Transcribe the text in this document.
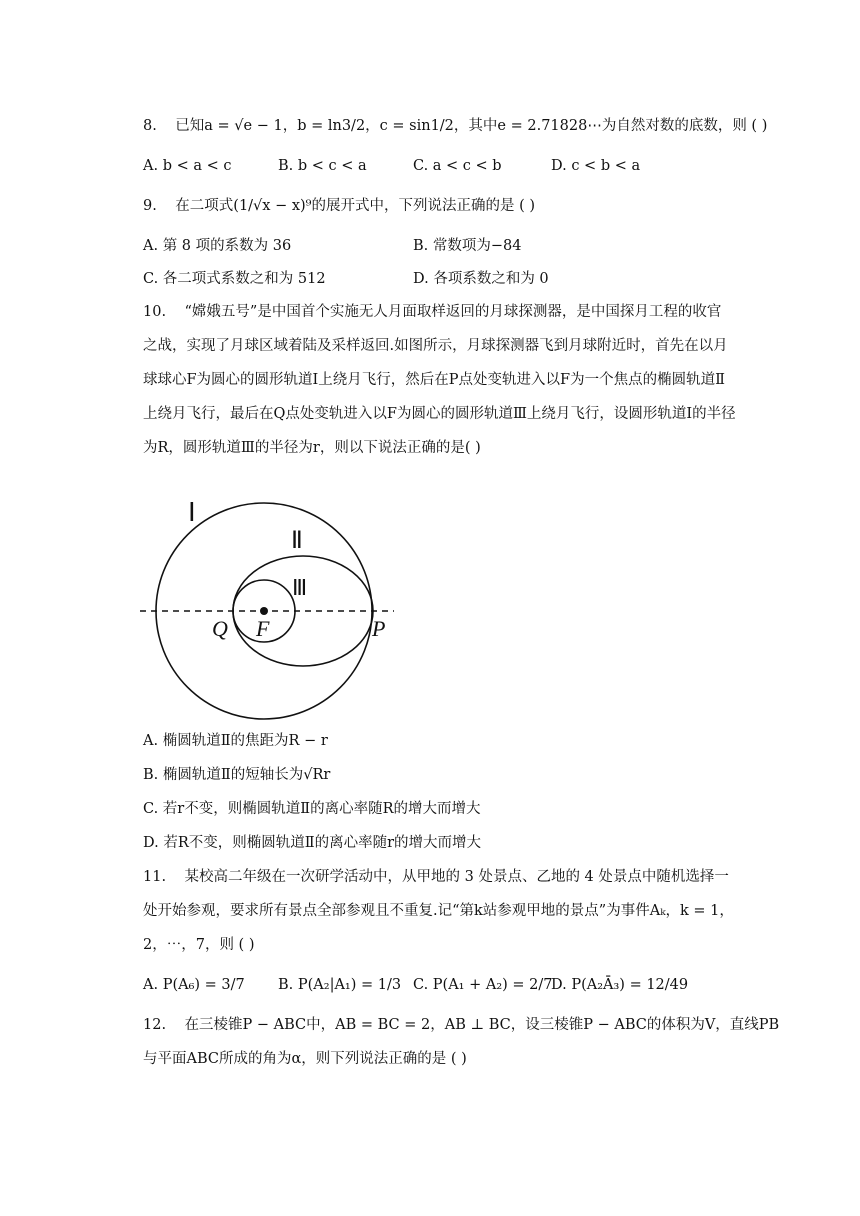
8. 已知a = √e − 1，b = ln3/2，c = sin1/2，其中e = 2.71828⋯为自然对数的底数，则 ( )
A. b < a < c	B. b < c < a	C. a < c < b	D. c < b < a
9. 在二项式(1/√x − x)⁹的展开式中，下列说法正确的是 ( )
A. 第 8 项的系数为 36	B. 常数项为−84
C. 各二项式系数之和为 512	D. 各项系数之和为 0
10. “嫦娥五号”是中国首个实施无人月面取样返回的月球探测器，是中国探月工程的收官
之战，实现了月球区域着陆及采样返回.如图所示，月球探测器飞到月球附近时，首先在以月
球球心F为圆心的圆形轨道Ⅰ上绕月飞行，然后在P点处变轨进入以F为一个焦点的椭圆轨道Ⅱ
上绕月飞行，最后在Q点处变轨进入以F为圆心的圆形轨道Ⅲ上绕月飞行，设圆形轨道Ⅰ的半径
为R，圆形轨道Ⅲ的半径为r，则以下说法正确的是( )
Ⅰ
Ⅱ
Ⅲ
Q F	P
A. 椭圆轨道Ⅱ的焦距为R − r
B. 椭圆轨道Ⅱ的短轴长为√Rr
C. 若r不变，则椭圆轨道Ⅱ的离心率随R的增大而增大
D. 若R不变，则椭圆轨道Ⅱ的离心率随r的增大而增大
11. 某校高二年级在一次研学活动中，从甲地的 3 处景点、乙地的 4 处景点中随机选择一
处开始参观，要求所有景点全部参观且不重复.记“第k站参观甲地的景点”为事件Aₖ，k = 1，
2，⋯，7，则 ( )
A. P(A₆) = 3/7 B. P(A₂|A₁) = 1/3 C. P(A₁ + A₂) = 2/7
D. P(A₂Ā₃) = 12/49
12. 在三棱锥P − ABC中，AB = BC = 2，AB ⊥ BC，设三棱锥P − ABC的体积为V，直线PB
与平面ABC所成的角为α，则下列说法正确的是 ( )
